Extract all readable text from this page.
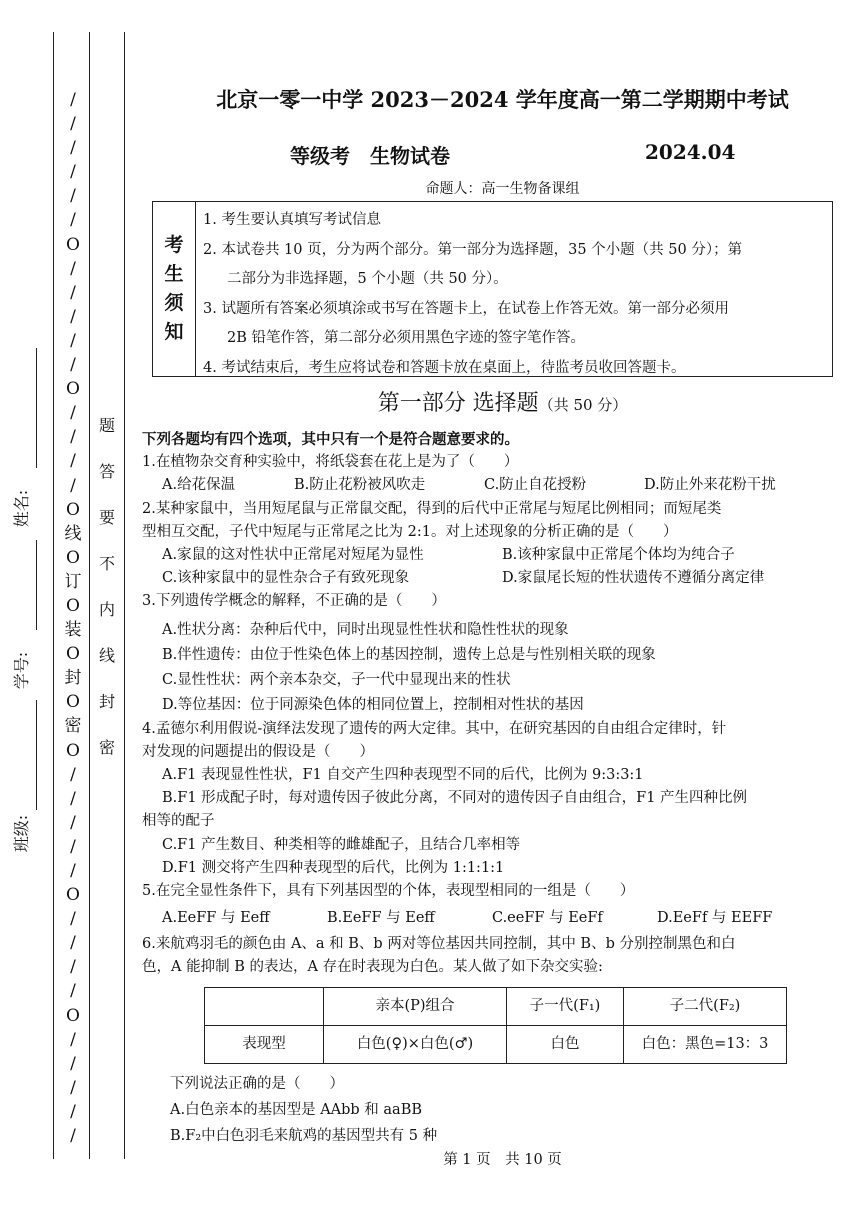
/
/
/
/
/
/
O
/
/
/
/
/
O
/
/
/
/
O
线
O
订
O
装
O
封
O
密
O
/
/
/
/
/
O
/
/
/
/
O
/
/
/
/
/
题
答
要
不
内
线
封
密
姓名:
学号:
班级:
北京一零一中学 2023－2024 学年度高一第二学期期中考试
等级考　生物试卷	2024.04
命题人：高一生物备课组
考
生
须
知
1. 考生要认真填写考试信息
2. 本试卷共 10 页，分为两个部分。第一部分为选择题，35 个小题（共 50 分）；第
二部分为非选择题，5 个小题（共 50 分）。
3. 试题所有答案必须填涂或书写在答题卡上，在试卷上作答无效。第一部分必须用
2B 铅笔作答，第二部分必须用黑色字迹的签字笔作答。
4. 考试结束后，考生应将试卷和答题卡放在桌面上，待监考员收回答题卡。
第一部分 选择题（共 50 分）

下列各题均有四个选项，其中只有一个是符合题意要求的。

1.在植物杂交育种实验中，将纸袋套在花上是为了（　　）

A.给花保温	B.防止花粉被风吹走	C.防止自花授粉	D.防止外来花粉干扰

2.某种家鼠中，当用短尾鼠与正常鼠交配，得到的后代中正常尾与短尾比例相同；而短尾类

型相互交配，子代中短尾与正常尾之比为 2:1。对上述现象的分析正确的是（　　）

A.家鼠的这对性状中正常尾对短尾为显性	B.该种家鼠中正常尾个体均为纯合子
C.该种家鼠中的显性杂合子有致死现象	D.家鼠尾长短的性状遗传不遵循分离定律

3.下列遗传学概念的解释，不正确的是（　　）

A.性状分离：杂种后代中，同时出现显性性状和隐性性状的现象

B.伴性遗传：由位于性染色体上的基因控制，遗传上总是与性别相关联的现象

C.显性性状：两个亲本杂交，子一代中显现出来的性状

D.等位基因：位于同源染色体的相同位置上，控制相对性状的基因

4.孟德尔利用假说-演绎法发现了遗传的两大定律。其中，在研究基因的自由组合定律时，针

对发现的问题提出的假设是（　　）

A.F1 表现显性性状，F1 自交产生四种表现型不同的后代，比例为 9:3:3:1

B.F1 形成配子时，每对遗传因子彼此分离，不同对的遗传因子自由组合，F1 产生四种比例

相等的配子

C.F1 产生数目、种类相等的雌雄配子，且结合几率相等

D.F1 测交将产生四种表现型的后代，比例为 1:1:1:1

5.在完全显性条件下，具有下列基因型的个体，表现型相同的一组是（　　）

A.EeFF 与 Eeff	B.EeFF 与 Eeff	C.eeFF 与 EeFf	D.EeFf 与 EEFF

6.来航鸡羽毛的颜色由 A、a 和 B、b 两对等位基因共同控制，其中 B、b 分别控制黑色和白

色，A 能抑制 B 的表达，A 存在时表现为白色。某人做了如下杂交实验:

	亲本(P)组合	子一代(F₁)	子二代(F₂)
表现型	白色(♀)×白色(♂)	白色	白色：黑色=13：3

下列说法正确的是（　　）

A.白色亲本的基因型是 AAbb 和 aaBB

B.F₂中白色羽毛来航鸡的基因型共有 5 种

第 1 页　共 10 页
